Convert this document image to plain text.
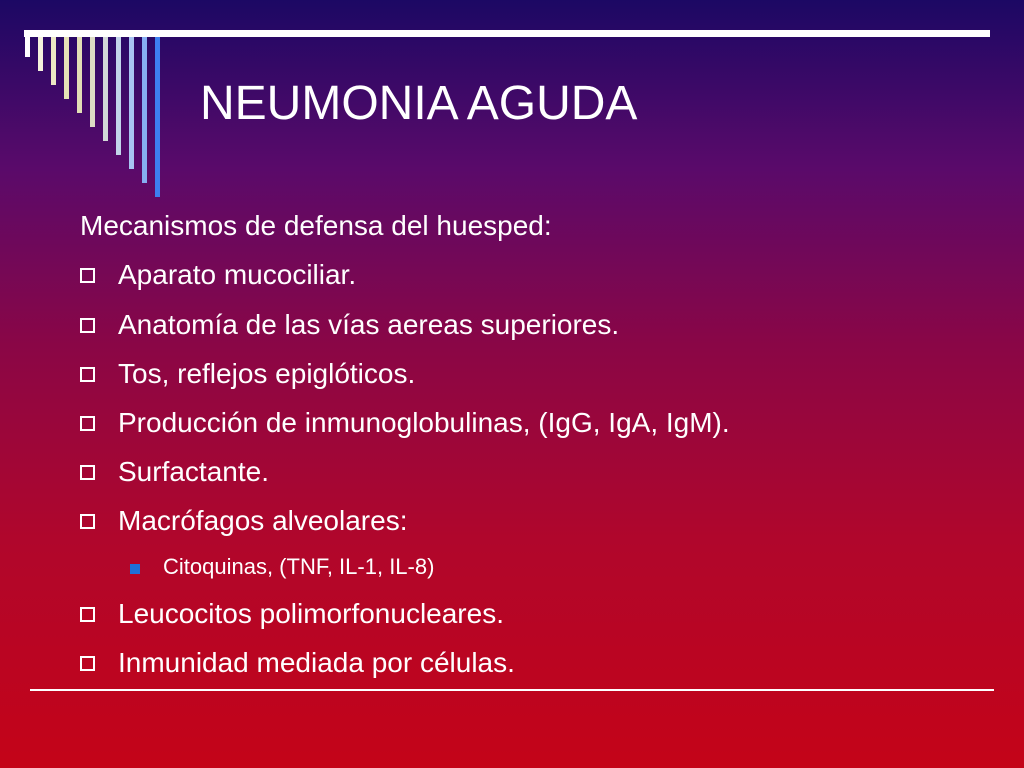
NEUMONIA AGUDA
Mecanismos de defensa del huesped:
Aparato mucociliar.
Anatomía de las vías aereas superiores.
Tos, reflejos epiglóticos.
Producción de inmunoglobulinas, (IgG, IgA, IgM).
Surfactante.
Macrófagos alveolares:
Citoquinas, (TNF, IL-1, IL-8)
Leucocitos polimorfonucleares.
Inmunidad mediada por células.
